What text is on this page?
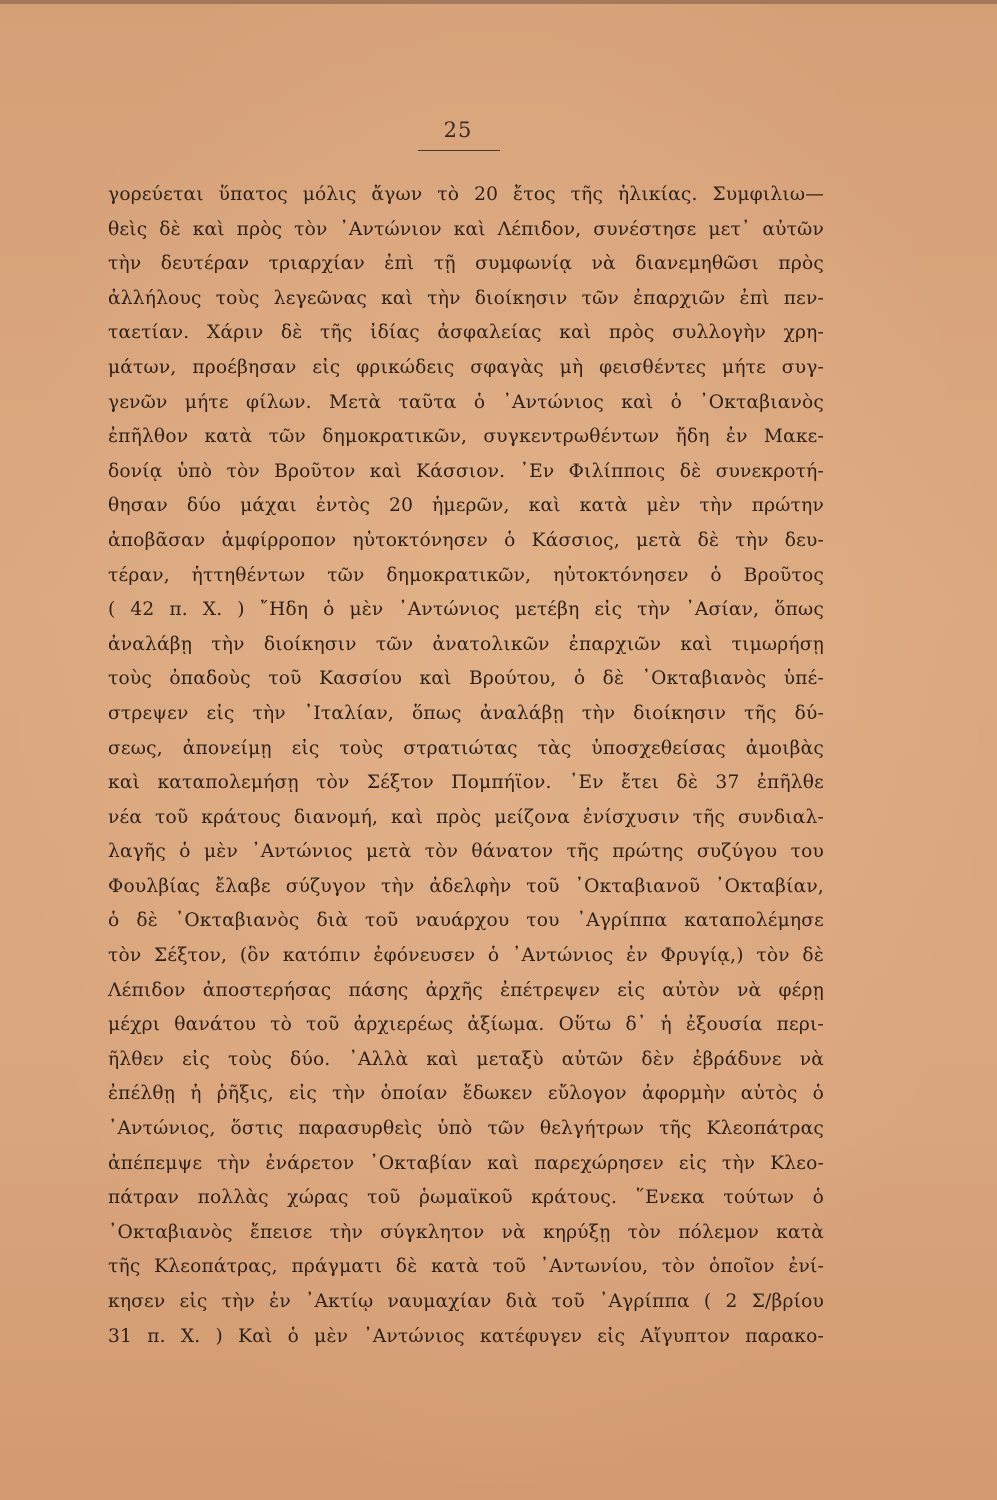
25
γορεύεται ὕπατος μόλις ἄγων τὸ 20 ἔτος τῆς ἡλικίας. Συμφιλιω—
θεὶς δὲ καὶ πρὸς τὸν ᾿Αντώνιον καὶ Λέπιδον, συνέστησε μετ᾿ αὐτῶν
τὴν δευτέραν τριαρχίαν ἐπὶ τῇ συμφωνίᾳ νὰ διανεμηθῶσι πρὸς
ἀλλήλους τοὺς λεγεῶνας καὶ τὴν διοίκησιν τῶν ἐπαρχιῶν ἐπὶ πεν-
ταετίαν. Χάριν δὲ τῆς ἰδίας ἀσφαλείας καὶ πρὸς συλλογὴν χρη-
μάτων, προέβησαν εἰς φρικώδεις σφαγὰς μὴ φεισθέντες μήτε συγ-
γενῶν μήτε φίλων. Μετὰ ταῦτα ὁ ᾿Αντώνιος καὶ ὁ ᾿Οκταβιανὸς
ἐπῆλθον κατὰ τῶν δημοκρατικῶν, συγκεντρωθέντων ἤδη ἐν Μακε-
δονίᾳ ὑπὸ τὸν Βροῦτον καὶ Κάσσιον. ᾿Εν Φιλίπποις δὲ συνεκροτή-
θησαν δύο μάχαι ἐντὸς 20 ἡμερῶν, καὶ κατὰ μὲν τὴν πρώτην
ἀποβᾶσαν ἀμφίρροπον ηὐτοκτόνησεν ὁ Κάσσιος, μετὰ δὲ τὴν δευ-
τέραν, ἡττηθέντων τῶν δημοκρατικῶν, ηὐτοκτόνησεν ὁ Βροῦτος
( 42 π. Χ. ) ῎Ηδη ὁ μὲν ᾿Αντώνιος μετέβη εἰς τὴν ᾿Ασίαν, ὅπως
ἀναλάβῃ τὴν διοίκησιν τῶν ἀνατολικῶν ἐπαρχιῶν καὶ τιμωρήσῃ
τοὺς ὀπαδοὺς τοῦ Κασσίου καὶ Βρούτου, ὁ δὲ ᾿Οκταβιανὸς ὑπέ-
στρεψεν εἰς τὴν ᾿Ιταλίαν, ὅπως ἀναλάβῃ τὴν διοίκησιν τῆς δύ-
σεως, ἀπονείμῃ εἰς τοὺς στρατιώτας τὰς ὑποσχεθείσας ἀμοιβὰς
καὶ καταπολεμήσῃ τὸν Σέξτον Πομπήϊον. ᾿Εν ἔτει δὲ 37 ἐπῆλθε
νέα τοῦ κράτους διανομή, καὶ πρὸς μείζονα ἐνίσχυσιν τῆς συνδιαλ-
λαγῆς ὁ μὲν ᾿Αντώνιος μετὰ τὸν θάνατον τῆς πρώτης συζύγου του
Φουλβίας ἔλαβε σύζυγον τὴν ἀδελφὴν τοῦ ᾿Οκταβιανοῦ ᾿Οκταβίαν,
ὁ δὲ ᾿Οκταβιανὸς διὰ τοῦ ναυάρχου του ᾿Αγρίππα καταπολέμησε
τὸν Σέξτον, (ὃν κατόπιν ἐφόνευσεν ὁ ᾿Αντώνιος ἐν Φρυγίᾳ,) τὸν δὲ
Λέπιδον ἀποστερήσας πάσης ἀρχῆς ἐπέτρεψεν εἰς αὐτὸν νὰ φέρῃ
μέχρι θανάτου τὸ τοῦ ἀρχιερέως ἀξίωμα. Οὕτω δ᾿ ἡ ἐξουσία περι-
ῆλθεν εἰς τοὺς δύο. ᾿Αλλὰ καὶ μεταξὺ αὐτῶν δὲν ἐβράδυνε νὰ
ἐπέλθῃ ἡ ῥῆξις, εἰς τὴν ὁποίαν ἔδωκεν εὔλογον ἀφορμὴν αὐτὸς ὁ
᾿Αντώνιος, ὅστις παρασυρθεὶς ὑπὸ τῶν θελγήτρων τῆς Κλεοπάτρας
ἀπέπεμψε τὴν ἐνάρετον ᾿Οκταβίαν καὶ παρεχώρησεν εἰς τὴν Κλεο-
πάτραν πολλὰς χώρας τοῦ ῥωμαϊκοῦ κράτους. ῞Ενεκα τούτων ὁ
᾿Οκταβιανὸς ἔπεισε τὴν σύγκλητον νὰ κηρύξῃ τὸν πόλεμον κατὰ
τῆς Κλεοπάτρας, πράγματι δὲ κατὰ τοῦ ᾿Αντωνίου, τὸν ὁποῖον ἐνί-
κησεν εἰς τὴν ἐν ᾿Ακτίῳ ναυμαχίαν διὰ τοῦ ᾿Αγρίππα ( 2 Σ/βρίου
31 π. Χ. ) Καὶ ὁ μὲν ᾿Αντώνιος κατέφυγεν εἰς Αἴγυπτον παρακο-
